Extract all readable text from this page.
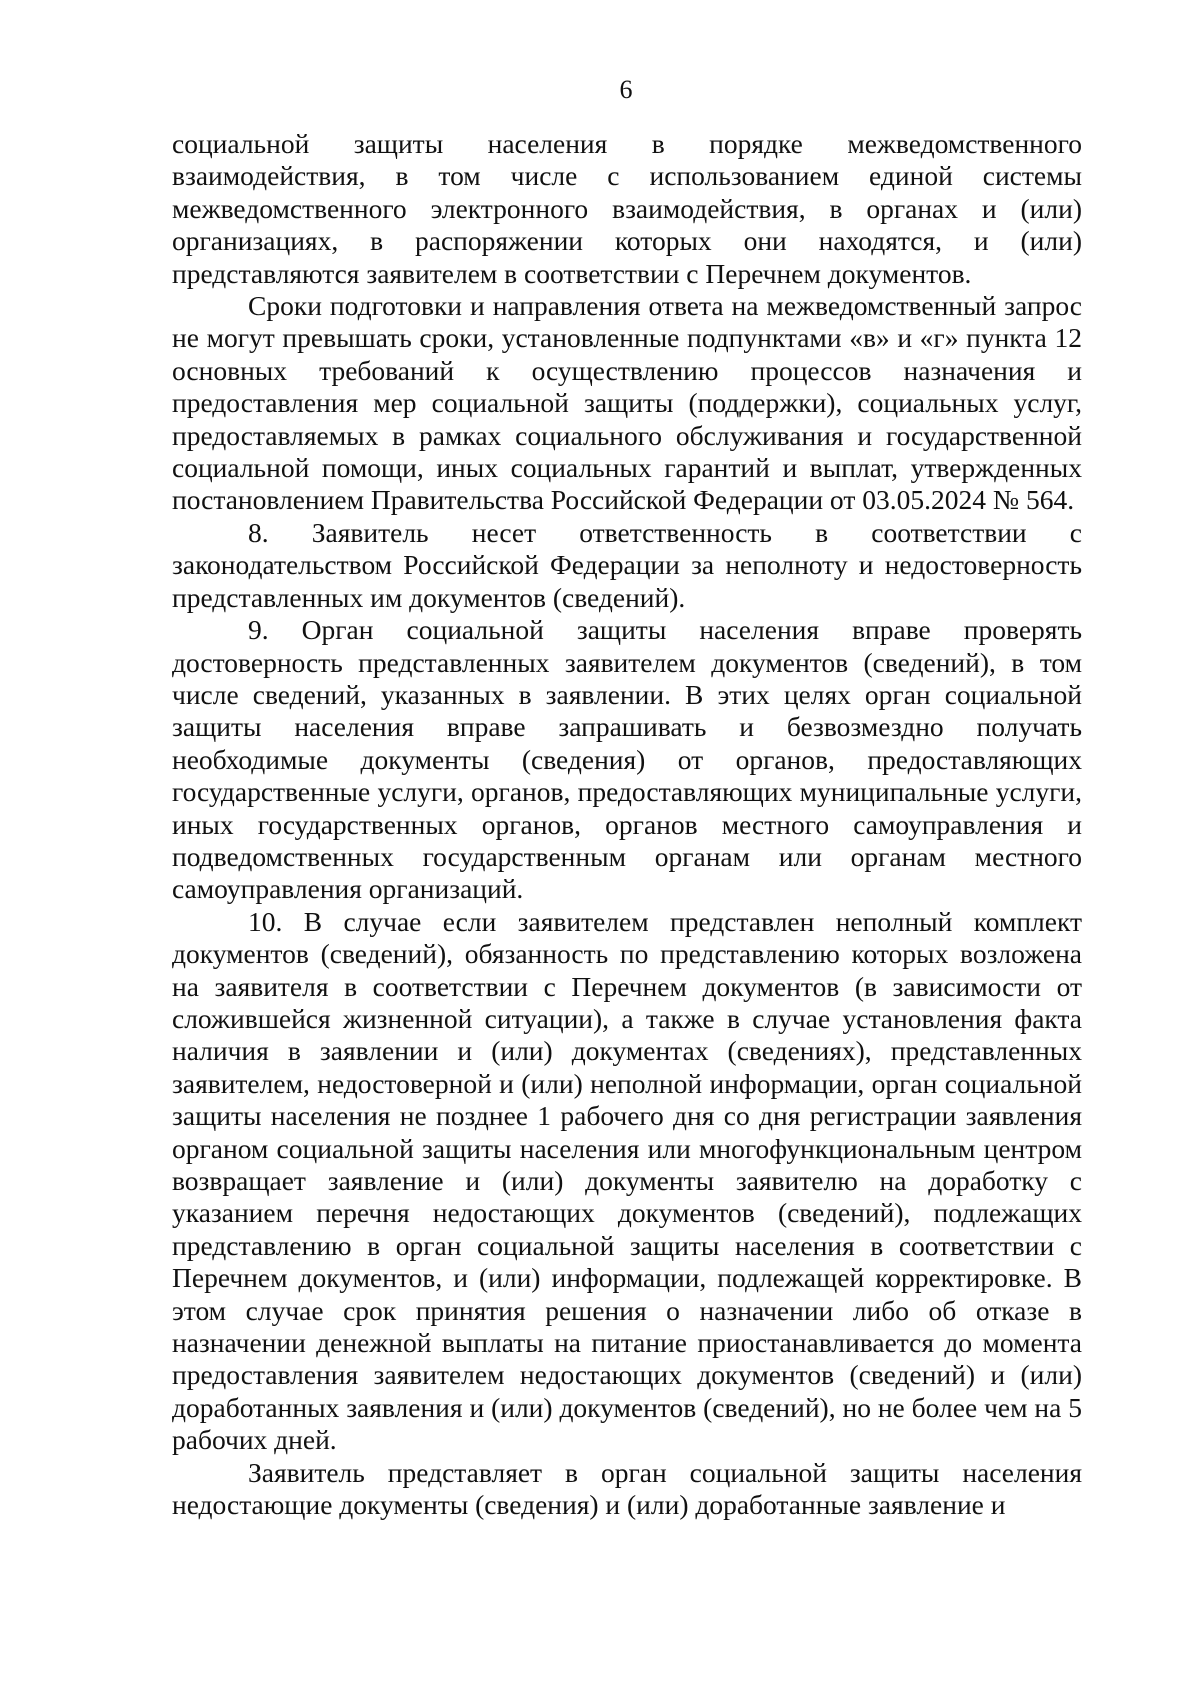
6

социальной защиты населения в порядке межведомственного взаимодействия, в том числе с использованием единой системы межведомственного электронного взаимодействия, в органах и (или) организациях, в распоряжении которых они находятся, и (или) представляются заявителем в соответствии с Перечнем документов.

Сроки подготовки и направления ответа на межведомственный запрос не могут превышать сроки, установленные подпунктами «в» и «г» пункта 12 основных требований к осуществлению процессов назначения и предоставления мер социальной защиты (поддержки), социальных услуг, предоставляемых в рамках социального обслуживания и государственной социальной помощи, иных социальных гарантий и выплат, утвержденных постановлением Правительства Российской Федерации от 03.05.2024 № 564.

8. Заявитель несет ответственность в соответствии с законодательством Российской Федерации за неполноту и недостоверность представленных им документов (сведений).

9. Орган социальной защиты населения вправе проверять достоверность представленных заявителем документов (сведений), в том числе сведений, указанных в заявлении. В этих целях орган социальной защиты населения вправе запрашивать и безвозмездно получать необходимые документы (сведения) от органов, предоставляющих государственные услуги, органов, предоставляющих муниципальные услуги, иных государственных органов, органов местного самоуправления и подведомственных государственным органам или органам местного самоуправления организаций.

10. В случае если заявителем представлен неполный комплект документов (сведений), обязанность по представлению которых возложена на заявителя в соответствии с Перечнем документов (в зависимости от сложившейся жизненной ситуации), а также в случае установления факта наличия в заявлении и (или) документах (сведениях), представленных заявителем, недостоверной и (или) неполной информации, орган социальной защиты населения не позднее 1 рабочего дня со дня регистрации заявления органом социальной защиты населения или многофункциональным центром возвращает заявление и (или) документы заявителю на доработку с указанием перечня недостающих документов (сведений), подлежащих представлению в орган социальной защиты населения в соответствии с Перечнем документов, и (или) информации, подлежащей корректировке. В этом случае срок принятия решения о назначении либо об отказе в назначении денежной выплаты на питание приостанавливается до момента предоставления заявителем недостающих документов (сведений) и (или) доработанных заявления и (или) документов (сведений), но не более чем на 5 рабочих дней.

Заявитель представляет в орган социальной защиты населения недостающие документы (сведения) и (или) доработанные заявление и
